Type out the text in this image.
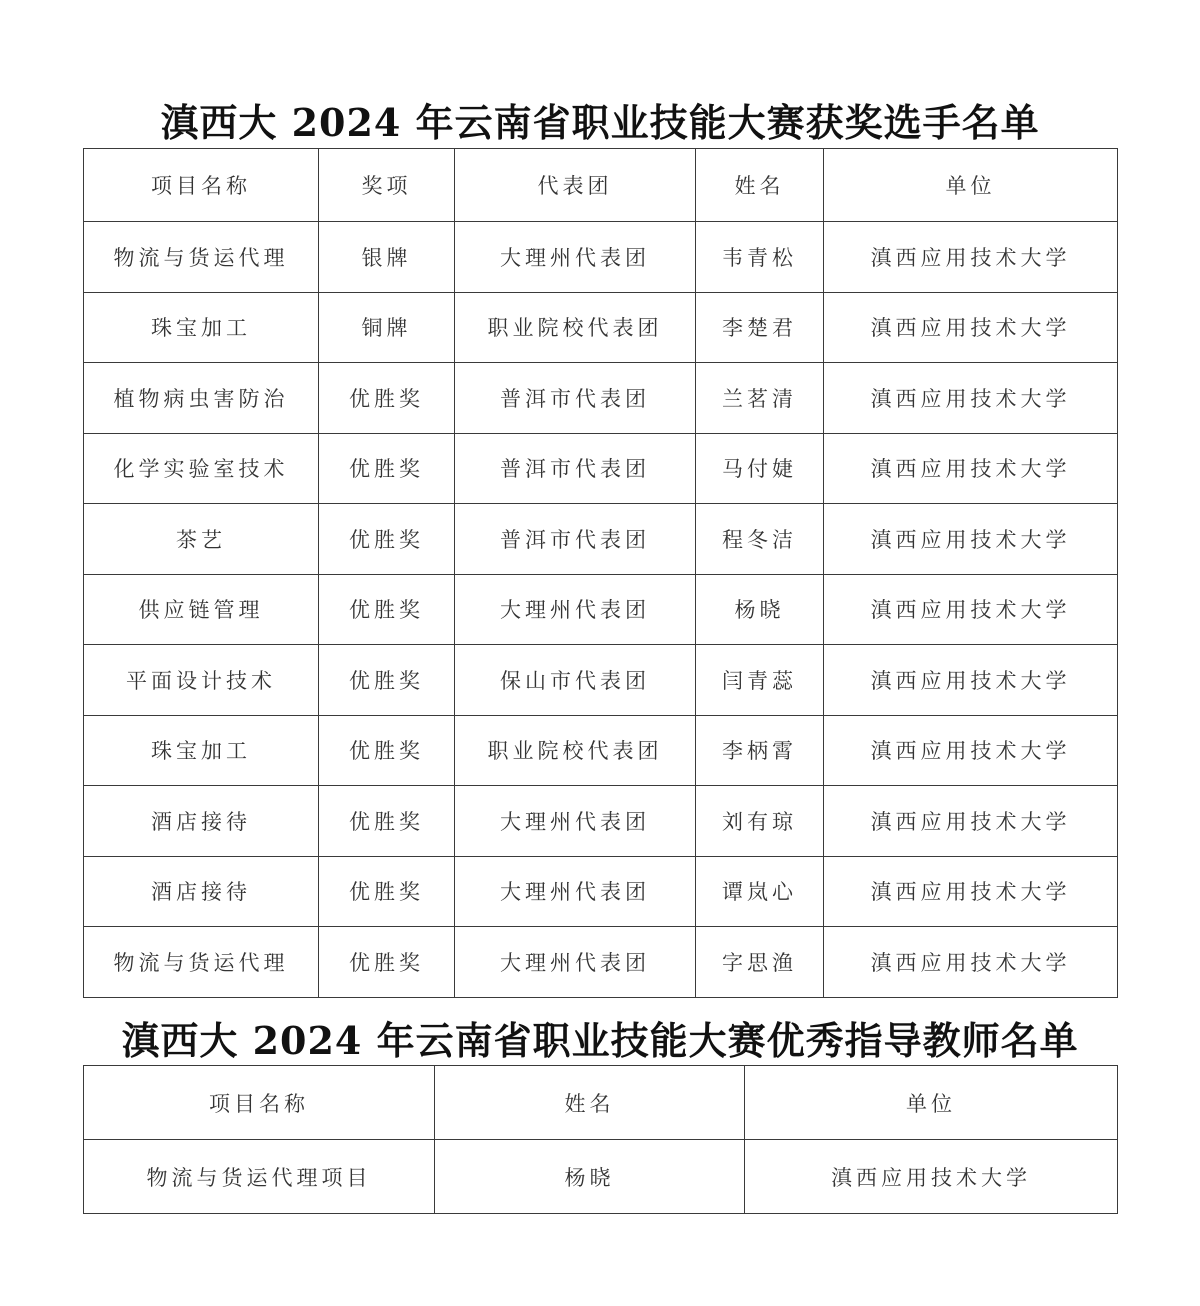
滇西大 2024 年云南省职业技能大赛获奖选手名单
项目名称	奖项	代表团	姓名	单位
物流与货运代理	银牌	大理州代表团	韦青松	滇西应用技术大学
珠宝加工	铜牌	职业院校代表团	李楚君	滇西应用技术大学
植物病虫害防治	优胜奖	普洱市代表团	兰茗清	滇西应用技术大学
化学实验室技术	优胜奖	普洱市代表团	马付婕	滇西应用技术大学
茶艺	优胜奖	普洱市代表团	程冬洁	滇西应用技术大学
供应链管理	优胜奖	大理州代表团	杨晓	滇西应用技术大学
平面设计技术	优胜奖	保山市代表团	闫青蕊	滇西应用技术大学
珠宝加工	优胜奖	职业院校代表团	李柄霄	滇西应用技术大学
酒店接待	优胜奖	大理州代表团	刘有琼	滇西应用技术大学
酒店接待	优胜奖	大理州代表团	谭岚心	滇西应用技术大学
物流与货运代理	优胜奖	大理州代表团	字思渔	滇西应用技术大学
滇西大 2024 年云南省职业技能大赛优秀指导教师名单
项目名称	姓名	单位
物流与货运代理项目	杨晓	滇西应用技术大学
